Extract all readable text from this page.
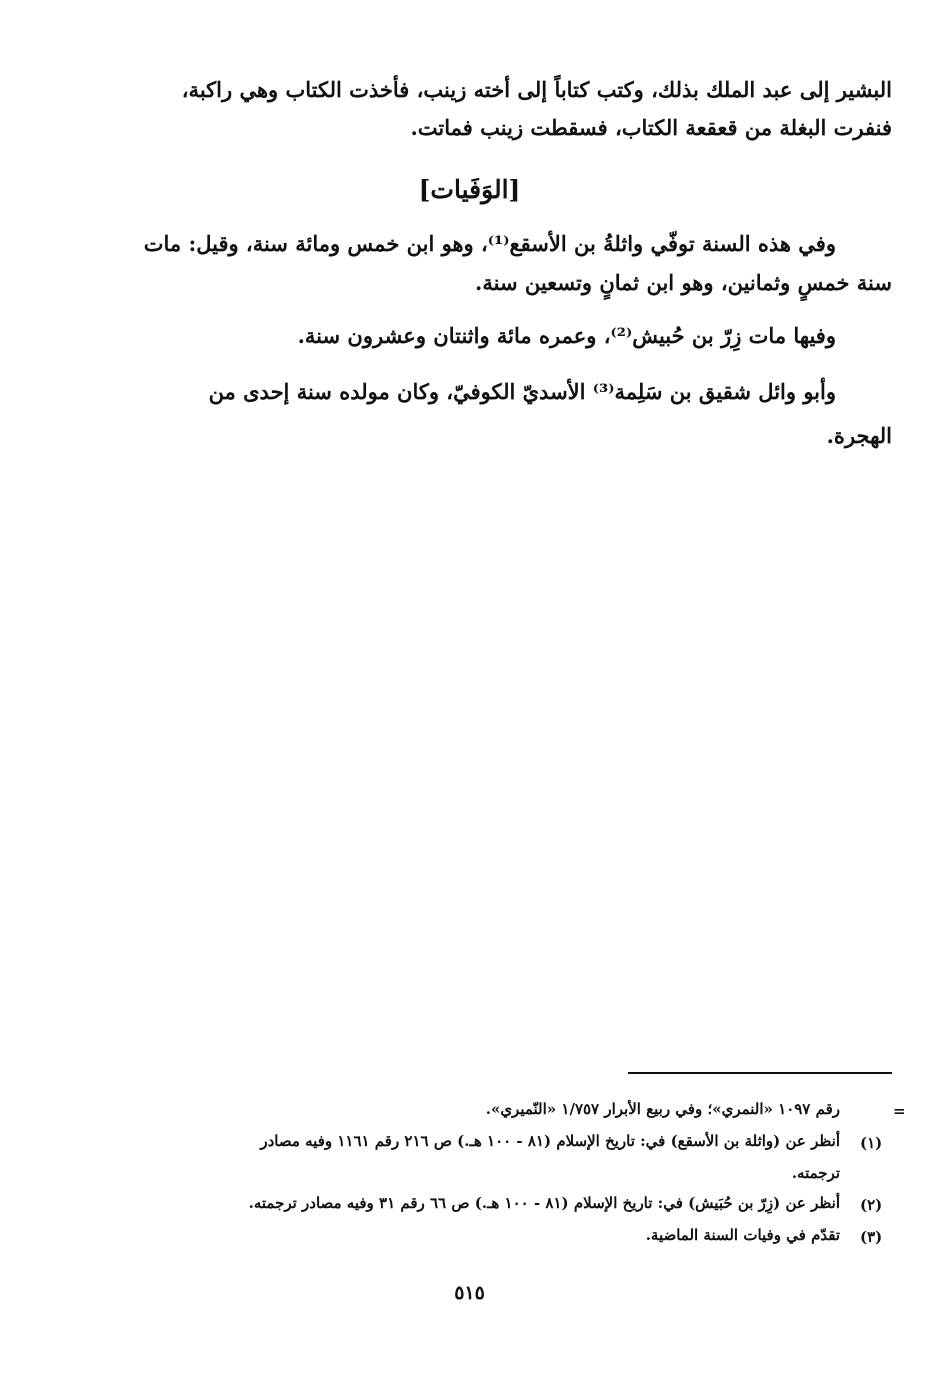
البشير إلى عبد الملك بذلك، وكتب كتاباً إلى أخته زينب، فأخذت الكتاب وهي راكبة،
فنفرت البغلة من قعقعة الكتاب، فسقطت زينب فماتت.
[الوَفَيات]
وفي هذه السنة توفّي واثلةُ بن الأسقع⁽¹⁾، وهو ابن خمس ومائة سنة، وقيل: مات
سنة خمسٍ وثمانين، وهو ابن ثمانٍ وتسعين سنة.
وفيها مات زِرّ بن حُبيش⁽²⁾، وعمره مائة واثنتان وعشرون سنة.
وأبو وائل شقيق بن سَلِمة⁽³⁾ الأسديّ الكوفيّ، وكان مولده سنة إحدى من
الهجرة.
=
رقم ١٠٩٧ «النمري»؛ وفي ربيع الأبرار ١/٧٥٧ «النّميري».
(١)
أنظر عن (واثلة بن الأسقع) في: تاريخ الإسلام (٨١ - ١٠٠ هـ.) ص ٢١٦ رقم ١١٦١ وفيه مصادر
ترجمته.
(٢)
أنظر عن (زِرّ بن حُبَيش) في: تاريخ الإسلام (٨١ - ١٠٠ هـ.) ص ٦٦ رقم ٣١ وفيه مصادر ترجمته.
(٣)
تقدّم في وفيات السنة الماضية.
٥١٥
